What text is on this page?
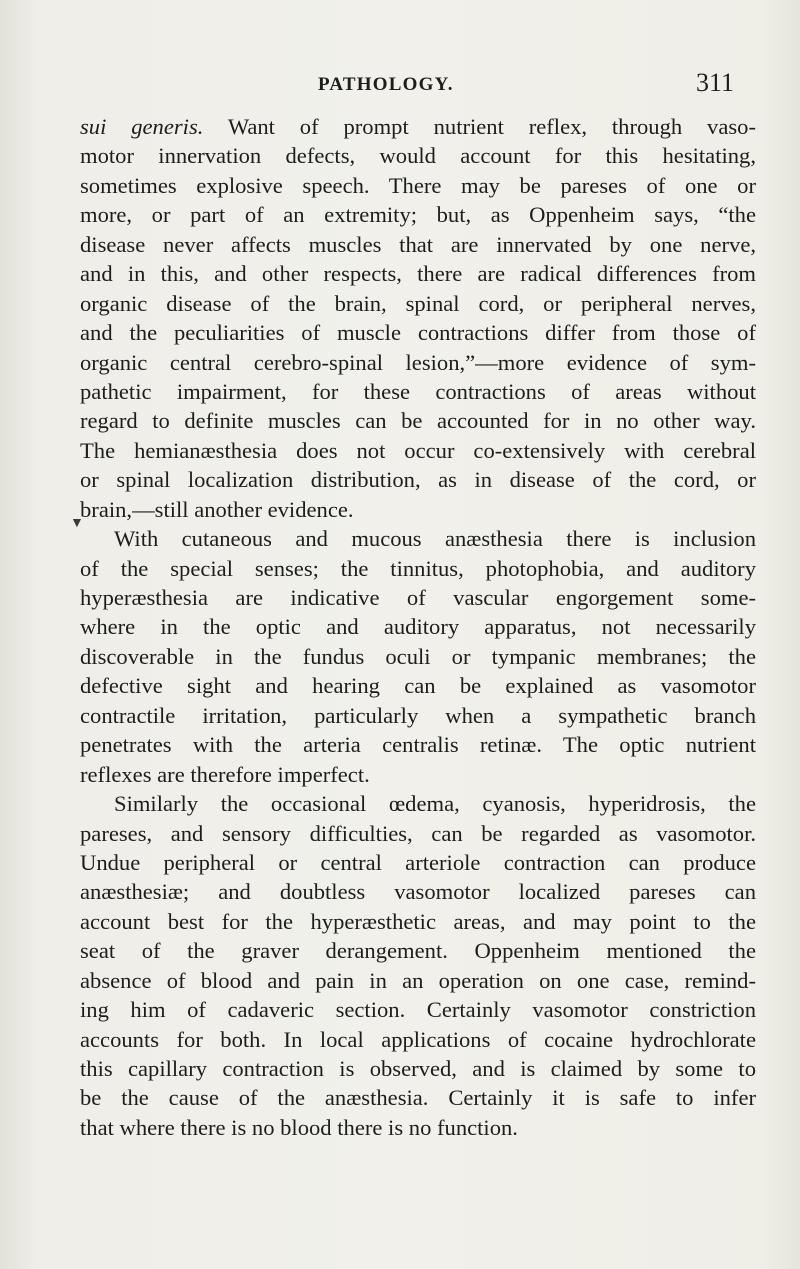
PATHOLOGY.	311
▼
sui generis. Want of prompt nutrient reflex, through vaso-
motor innervation defects, would account for this hesitating,
sometimes explosive speech. There may be pareses of one or
more, or part of an extremity; but, as Oppenheim says, “the
disease never affects muscles that are innervated by one nerve,
and in this, and other respects, there are radical differences from
organic disease of the brain, spinal cord, or peripheral nerves,
and the peculiarities of muscle contractions differ from those of
organic central cerebro-spinal lesion,”—more evidence of sym-
pathetic impairment, for these contractions of areas without
regard to definite muscles can be accounted for in no other way.
The hemianæsthesia does not occur co-extensively with cerebral
or spinal localization distribution, as in disease of the cord, or
brain,—still another evidence.
With cutaneous and mucous anæsthesia there is inclusion
of the special senses; the tinnitus, photophobia, and auditory
hyperæsthesia are indicative of vascular engorgement some-
where in the optic and auditory apparatus, not necessarily
discoverable in the fundus oculi or tympanic membranes; the
defective sight and hearing can be explained as vasomotor
contractile irritation, particularly when a sympathetic branch
penetrates with the arteria centralis retinæ. The optic nutrient
reflexes are therefore imperfect.
Similarly the occasional œdema, cyanosis, hyperidrosis, the
pareses, and sensory difficulties, can be regarded as vasomotor.
Undue peripheral or central arteriole contraction can produce
anæsthesiæ; and doubtless vasomotor localized pareses can
account best for the hyperæsthetic areas, and may point to the
seat of the graver derangement. Oppenheim mentioned the
absence of blood and pain in an operation on one case, remind-
ing him of cadaveric section. Certainly vasomotor constriction
accounts for both. In local applications of cocaine hydrochlorate
this capillary contraction is observed, and is claimed by some to
be the cause of the anæsthesia. Certainly it is safe to infer
that where there is no blood there is no function.
